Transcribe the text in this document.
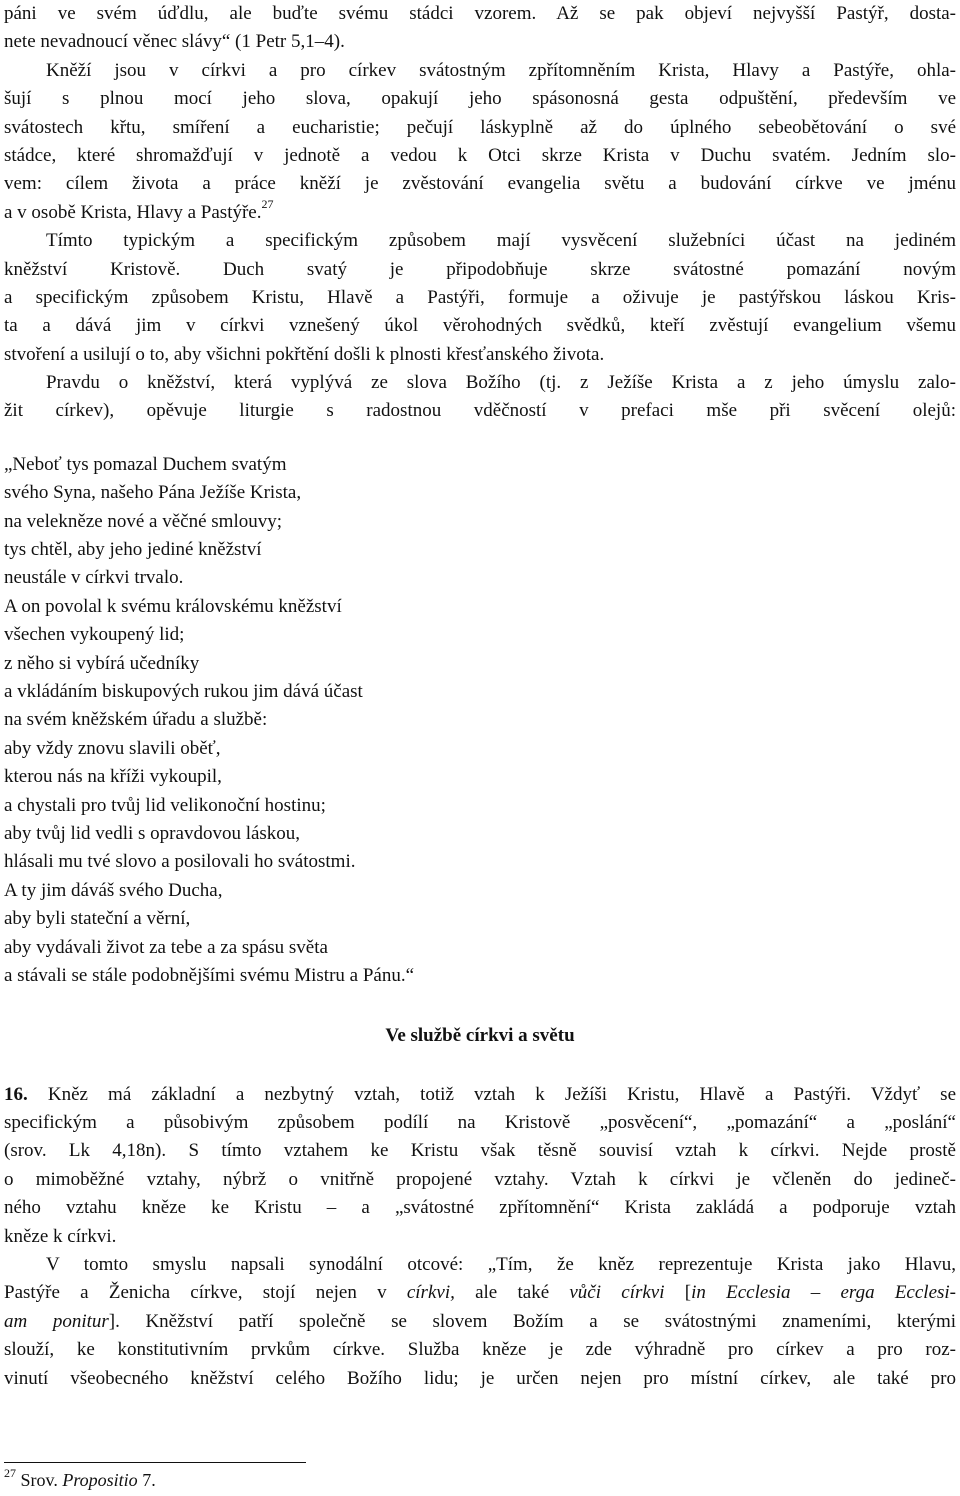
páni ve svém úďdlu, ale buďte svému stádci vzorem. Až se pak objeví nejvyšší Pastýř, dosta-
nete nevadnoucí věnec slávy“ (1 Petr 5,1–4).
Kněží jsou v církvi a pro církev svátostným zpřítomněním Krista, Hlavy a Pastýře, ohla-
šují s plnou mocí jeho slova, opakují jeho spásonosná gesta odpuštění, především ve
svátostech křtu, smíření a eucharistie; pečují láskyplně až do úplného sebeobětování o své
stádce, které shromažďují v jednotě a vedou k Otci skrze Krista v Duchu svatém. Jedním slo-
vem: cílem života a práce kněží je zvěstování evangelia světu a budování církve ve jménu
a v osobě Krista, Hlavy a Pastýře.$^{27}$
Tímto typickým a specifickým způsobem mají vysvěcení služebníci účast na jediném
kněžství Kristově. Duch svatý je připodobňuje skrze svátostné pomazání novým
a specifickým způsobem Kristu, Hlavě a Pastýři, formuje a oživuje je pastýřskou láskou Kris-
ta a dává jim v církvi vznešený úkol věrohodných svědků, kteří zvěstují evangelium všemu
stvoření a usilují o to, aby všichni pokřtění došli k plnosti křesťanského života.
Pravdu o kněžství, která vyplývá ze slova Božího (tj. z Ježíše Krista a z jeho úmyslu zalo-
žit církev), opěvuje liturgie s radostnou vděčností v prefaci mše při svěcení olejů:
„Neboť tys pomazal Duchem svatým
svého Syna, našeho Pána Ježíše Krista,
na velekněze nové a věčné smlouvy;
tys chtěl, aby jeho jediné kněžství
neustále v církvi trvalo.
A on povolal k svému královskému kněžství
všechen vykoupený lid;
z něho si vybírá učedníky
a vkládáním biskupových rukou jim dává účast
na svém kněžském úřadu a službě:
aby vždy znovu slavili oběť,
kterou nás na kříži vykoupil,
a chystali pro tvůj lid velikonoční hostinu;
aby tvůj lid vedli s opravdovou láskou,
hlásali mu tvé slovo a posilovali ho svátostmi.
A ty jim dáváš svého Ducha,
aby byli stateční a věrní,
aby vydávali život za tebe a za spásu světa
a stávali se stále podobnějšími svému Mistru a Pánu.“
Ve službě církvi a světu
16. Kněz má základní a nezbytný vztah, totiž vztah k Ježíši Kristu, Hlavě a Pastýři. Vždyť se
specifickým a působivým způsobem podílí na Kristově „posvěcení“, „pomazání“ a „poslání“
(srov. Lk 4,18n). S tímto vztahem ke Kristu však těsně souvisí vztah k církvi. Nejde prostě
o mimoběžné vztahy, nýbrž o vnitřně propojené vztahy. Vztah k církvi je včleněn do jedineč-
ného vztahu kněze ke Kristu – a „svátostné zpřítomnění“ Krista zakládá a podporuje vztah
kněze k církvi.
V tomto smyslu napsali synodální otcové: „Tím, že kněz reprezentuje Krista jako Hlavu,
Pastýře a Ženicha církve, stojí nejen v církvi, ale také vůči církvi [in Ecclesia – erga Ecclesi-
am ponitur]. Kněžství patří společně se slovem Božím a se svátostnými znameními, kterými
slouží, ke konstitutivním prvkům církve. Služba kněze je zde výhradně pro církev a pro roz-
vinutí všeobecného kněžství celého Božího lidu; je určen nejen pro místní církev, ale také pro
$^{27}$ Srov. Propositio 7.
